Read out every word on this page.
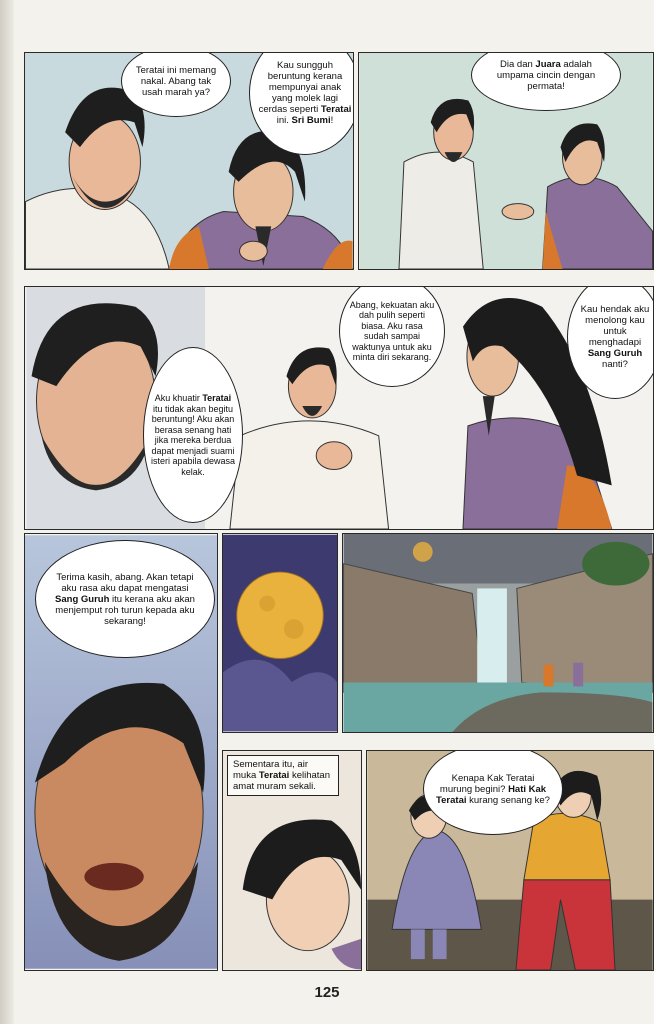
Teratai ini memang nakal. Abang tak usah marah ya?
Kau sungguh beruntung kerana mempunyai anak yang molek lagi cerdas seperti Teratai ini. Sri Bumi!
Dia dan Juara adalah umpama cincin dengan permata!
Aku khuatir Teratai itu tidak akan begitu beruntung! Aku akan berasa senang hati jika mereka berdua dapat menjadi suami isteri apabila dewasa kelak.
Abang, kekuatan aku dah pulih seperti biasa. Aku rasa sudah sampai waktunya untuk aku minta diri sekarang.
Kau hendak aku menolong kau untuk menghadapi Sang Guruh nanti?
Terima kasih, abang. Akan tetapi aku rasa aku dapat mengatasi Sang Guruh itu kerana aku akan menjemput roh turun kepada aku sekarang!
Sementara itu, air muka Teratai kelihatan amat muram sekali.
Kenapa Kak Teratai murung begini? Hati Kak Teratai kurang senang ke?
125
